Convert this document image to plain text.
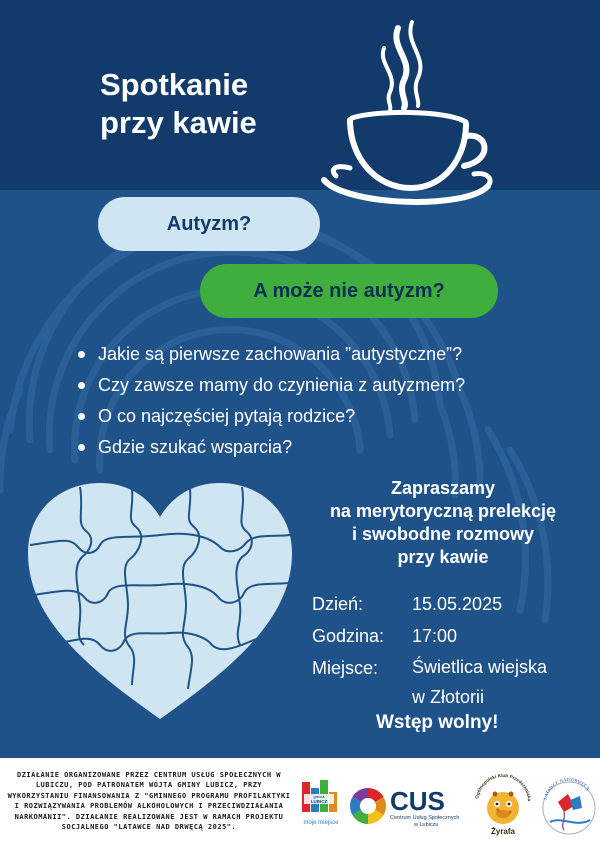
Spotkanie
przy kawie
Autyzm?
A może nie autyzm?
Jakie są pierwsze zachowania ”autystyczne”?
Czy zawsze mamy do czynienia z autyzmem?
O co najczęściej pytają rodzice?
Gdzie szukać wsparcia?
Zapraszamy
na merytoryczną prelekcję
i swobodne rozmowy
przy kawie
Dzień:	15.05.2025
Godzina:	17:00
Miejsce:	Świetlica wiejska
w Złotorii
Wstęp wolny!
DZIAŁANIE ORGANIZOWANE PRZEZ CENTRUM USŁUG SPOŁECZNYCH W LUBICZU, POD PATRONATEM WÓJTA GMINY LUBICZ, PRZY WYKORZYSTANIU FINANSOWANIA Z "GMINNEGO PROGRAMU PROFILAKTYKI I ROZWIĄZYWANIA PROBLEMÓW ALKOHOLOWYCH I PRZECIWDZIAŁANIA NARKOMANII". DZIAŁANIE REALIZOWANE JEST W RAMACH PROJEKTU SOCJALNEGO "LATAWCE NAD DRWĘCĄ 2025".
gmina
LUBICZ
moje miejsce
CUS
Centrum Usług Społecznych
w Lubiczu
Ogólnopolski Klub Przedszkolaka
Żyrafa
LATAWCE NAD DRWĘCĄ
